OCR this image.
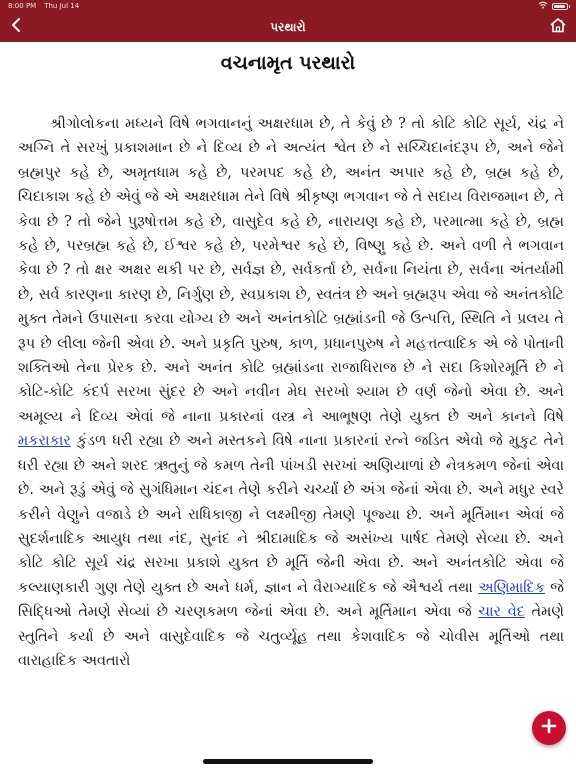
8:00 PM Thu Jul 14
પરથારો
વચનામૃત પરથારો

શ્રીગોલોકના મધ્યને વિષે ભગવાનનું અક્ષરધામ છે, તે કેવું છે ? તો કોટિ કોટિ સૂર્ય, ચંદ્ર ને અગ્નિ તે સરખું પ્રકાશમાન છે ને દિવ્ય છે ને અત્યંત શ્વેત છે ને સચ્ચિદાનંદરૂપ છે, અને જેને બ્રહ્મપુર કહે છે, અમૃતધામ કહે છે, પરમપદ કહે છે, અનંત અપાર કહે છે, બ્રહ્મ કહે છે, ચિદાકાશ કહે છે એવું જે એ અક્ષરધામ તેને વિષે શ્રીકૃષ્ણ ભગવાન જે તે સદાય વિરાજમાન છે, તે કેવા છે ? તો જેને પુરૂષોત્તમ કહે છે, વાસુદેવ કહે છે, નારાયણ કહે છે, પરમાત્મા કહે છે, બ્રહ્મ કહે છે, પરબ્રહ્મ કહે છે, ઈશ્વર કહે છે, પરમેશ્વર કહે છે, વિષ્ણુ કહે છે. અને વળી તે ભગવાન કેવા છે ? તો ક્ષર અક્ષર થકી પર છે, સર્વજ્ઞ છે, સર્વકર્તા છે, સર્વના નિયંતા છે, સર્વના અંતર્યામી છે, સર્વ કારણના કારણ છે, નિર્ગુણ છે, સ્વપ્રકાશ છે, સ્વતંત્ર છે અને બ્રહ્મરૂપ એવા જે અનંતકોટિ મુક્ત તેમને ઉપાસના કરવા યોગ્ય છે અને અનંતકોટિ બ્રહ્માંડની જે ઉત્પત્તિ, સ્થિતિ ને પ્રલય તે રૂપ છે લીલા જેની એવા છે. અને પ્રકૃતિ પુરુષ, કાળ, પ્રધાનપુરુષ ને મહત્તત્વાદિક એ જે પોતાની શક્તિઓ તેના પ્રેરક છે. અને અનંત કોટિ બ્રહ્માંડના રાજાધિરાજ છે ને સદા કિશોરમૂર્તિ છે ને કોટિ-કોટિ કંદર્પ સરખા સુંદર છે અને નવીન મેઘ સરખો શ્યામ છે વર્ણ જેનો એવા છે. અને અમૂલ્ય ને દિવ્ય એવાં જે નાના પ્રકારનાં વસ્ત્ર ને આભૂષણ તેણે યુક્ત છે અને કાનને વિષે મકરાકાર કુંડળ ધરી રહ્યા છે અને મસ્તકને વિષે નાના પ્રકારનાં રત્ને જડિત એવો જે મુકુટ તેને ધરી રહ્યા છે અને શરદ ઋતુનું જે કમળ તેની પાંખડી સરખાં અણિયાળાં છે નેત્રકમળ જેનાં એવા છે. અને રૂડું એવું જે સુગંધિમાન ચંદન તેણે કરીને ચર્ચ્યાં છે અંગ જેનાં એવા છે. અને મધુર સ્વરે કરીને વેણુને વજાડે છે અને રાધિકાજી ને લક્ષ્મીજી તેમણે પૂજ્યા છે. અને મૂર્તિમાન એવાં જે સુદર્શનાદિક આયુધ તથા નંદ, સુનંદ ને શ્રીદામાદિક જે અસંખ્ય પાર્ષદ તેમણે સેવ્યા છે. અને કોટિ કોટિ સૂર્ય ચંદ્ર સરખા પ્રકાશે યુક્ત છે મૂર્તિ જેની એવા છે. અને અનંતકોટિ એવા જે કલ્યાણકારી ગુણ તેણે યુક્ત છે અને ધર્મ, જ્ઞાન ને વૈરાગ્યાદિક જે ઐશ્વર્ય તથા અણિમાદિક જે સિદ્ધિઓ તેમણે સેવ્યાં છે ચરણકમળ જેનાં એવા છે. અને મૂર્તિમાન એવા જે ચાર વેદ તેમણે સ્તુતિને કર્યા છે અને વાસુદેવાદિક જે ચતુર્વ્યૂહ તથા કેશવાદિક જે ચોવીસ મૂર્તિઓ તથા વારાહાદિક અવતારો
